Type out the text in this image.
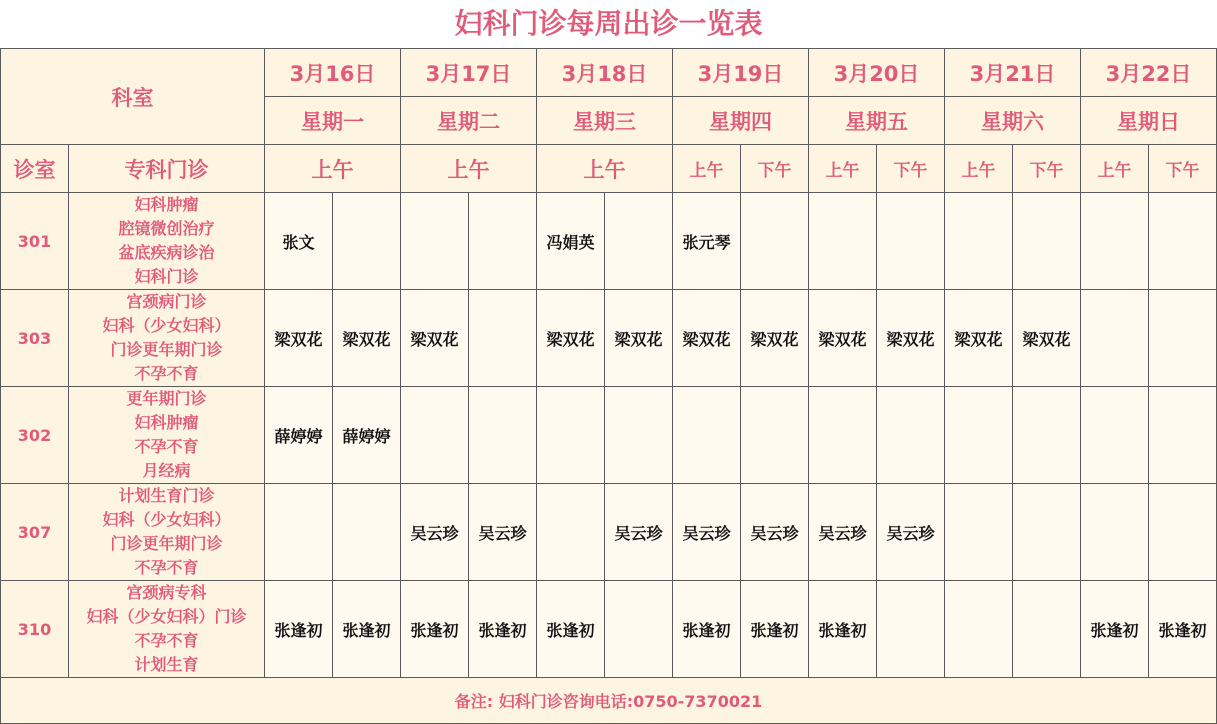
妇科门诊每周出诊一览表
科室		3月16日		3月17日		3月18日		3月19日		3月20日		3月21日		3月22日	
		星期一		星期二		星期三		星期四		星期五		星期六		星期日	
诊室	专科门诊	上午		上午		上午		上午	下午	上午	下午	上午	下午	上午	下午
301	妇科肿瘤
腔镜微创治疗
盆底疾病诊治
妇科门诊	张文				冯娟英		张元琴							
303	宫颈病门诊
妇科（少女妇科）
门诊更年期门诊
不孕不育	梁双花	梁双花	梁双花		梁双花	梁双花	梁双花	梁双花	梁双花	梁双花	梁双花	梁双花		
302	更年期门诊
妇科肿瘤
不孕不育
月经病	薛婷婷	薛婷婷												
307	计划生育门诊
妇科（少女妇科）
门诊更年期门诊
不孕不育			吴云珍	吴云珍		吴云珍	吴云珍	吴云珍	吴云珍	吴云珍				
310	宫颈病专科
妇科（少女妇科）门诊
不孕不育
计划生育	张逢初	张逢初	张逢初	张逢初	张逢初		张逢初	张逢初	张逢初				张逢初	张逢初
备注: 妇科门诊咨询电话:0750-7370021															
